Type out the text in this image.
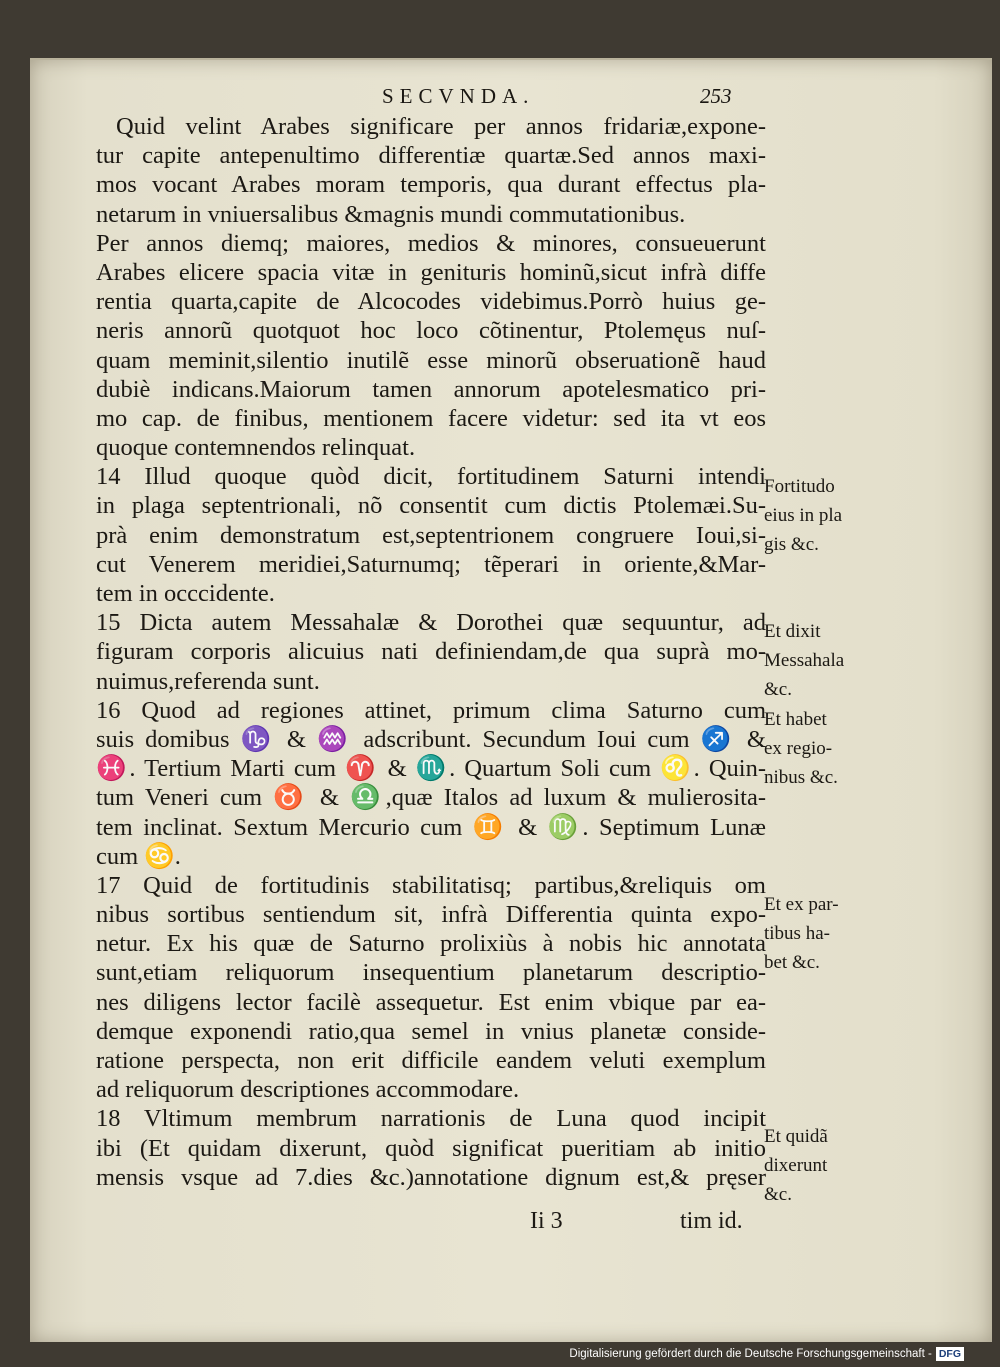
SECVNDA.	253
Quid velint Arabes significare per annos fridariæ,expone-
tur capite antepenultimo differentiæ quartæ.Sed annos maxi-
mos vocant Arabes moram temporis, qua durant effectus pla-
netarum in vniuersalibus &magnis mundi commutationibus.
Per annos diemq; maiores, medios & minores, consueuerunt
Arabes elicere spacia vitæ in genituris hominũ,sicut infrà diffe
rentia quarta,capite de Alcocodes videbimus.Porrò huius ge-
neris annorũ quotquot hoc loco cõtinentur, Ptolemęus nuſ-
quam meminit,silentio inutilẽ esse minorũ obseruationẽ haud
dubiè indicans.Maiorum tamen annorum apotelesmatico pri-
mo cap. de finibus, mentionem facere videtur: sed ita vt eos
quoque contemnendos relinquat.
14 Illud quoque quòd dicit, fortitudinem Saturni intendi
in plaga septentrionali, nõ consentit cum dictis Ptolemæi.Su-
prà enim demonstratum est,septentrionem congruere Ioui,si-
cut Venerem meridiei,Saturnumq; tẽperari in oriente,&Mar-
tem in occcidente.
15 Dicta autem Messahalæ & Dorothei quæ sequuntur, ad
figuram corporis alicuius nati definiendam,de qua suprà mo-
nuimus,referenda sunt.
16 Quod ad regiones attinet, primum clima Saturno cum
suis domibus ♑ & ♒ adscribunt. Secundum Ioui cum ♐ &
♓. Tertium Marti cum ♈ & ♏. Quartum Soli cum ♌. Quin-
tum Veneri cum ♉ & ♎,quæ Italos ad luxum & mulierosita-
tem inclinat. Sextum Mercurio cum ♊ & ♍. Septimum Lunæ
cum ♋.
17 Quid de fortitudinis stabilitatisq; partibus,&reliquis om
nibus sortibus sentiendum sit, infrà Differentia quinta expo-
netur. Ex his quæ de Saturno prolixiùs à nobis hic annotata
sunt,etiam reliquorum insequentium planetarum descriptio-
nes diligens lector facilè assequetur. Est enim vbique par ea-
demque exponendi ratio,qua semel in vnius planetæ conside-
ratione perspecta, non erit difficile eandem veluti exemplum
ad reliquorum descriptiones accommodare.
18 Vltimum membrum narrationis de Luna quod incipit
ibi (Et quidam dixerunt, quòd significat pueritiam ab initio
mensis vsque ad 7.dies &c.)annotatione dignum est,& pręser
Fortitudo
eius in pla
gis &c.
Et dixit
Messahala
&c.
Et habet
ex regio-
nibus &c.
Et ex par-
tibus ha-
bet &c.
Et quidã
dixerunt
&c.
Ii 3	tim id.
Digitalisierung gefördert durch die Deutsche Forschungsgemeinschaft - DFG
